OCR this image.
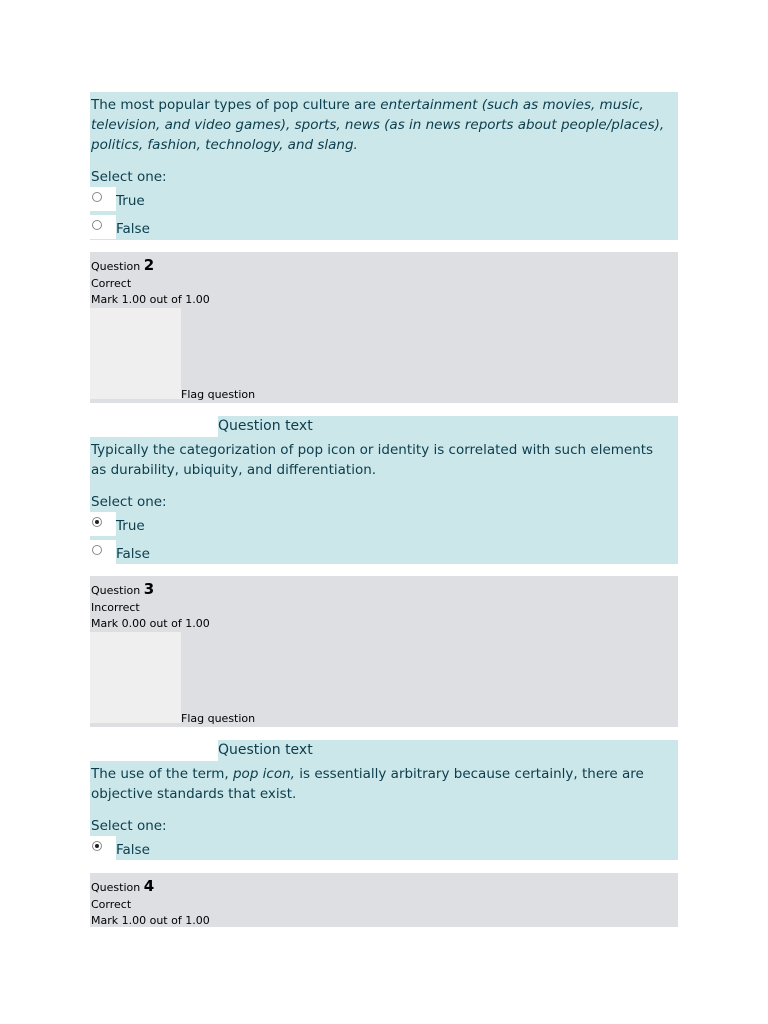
The most popular types of pop culture are entertainment (such as movies, music, television, and video games), sports, news (as in news reports about people/places), politics, fashion, technology, and slang.
Select one:
True
False
Question 2
Correct
Mark 1.00 out of 1.00
Flag question
Question text
Typically the categorization of pop icon or identity is correlated with such elements as durability, ubiquity, and differentiation.
Select one:
True
False
Question 3
Incorrect
Mark 0.00 out of 1.00
Flag question
Question text
The use of the term, pop icon, is essentially arbitrary because certainly, there are objective standards that exist.
Select one:
False
Question 4
Correct
Mark 1.00 out of 1.00
